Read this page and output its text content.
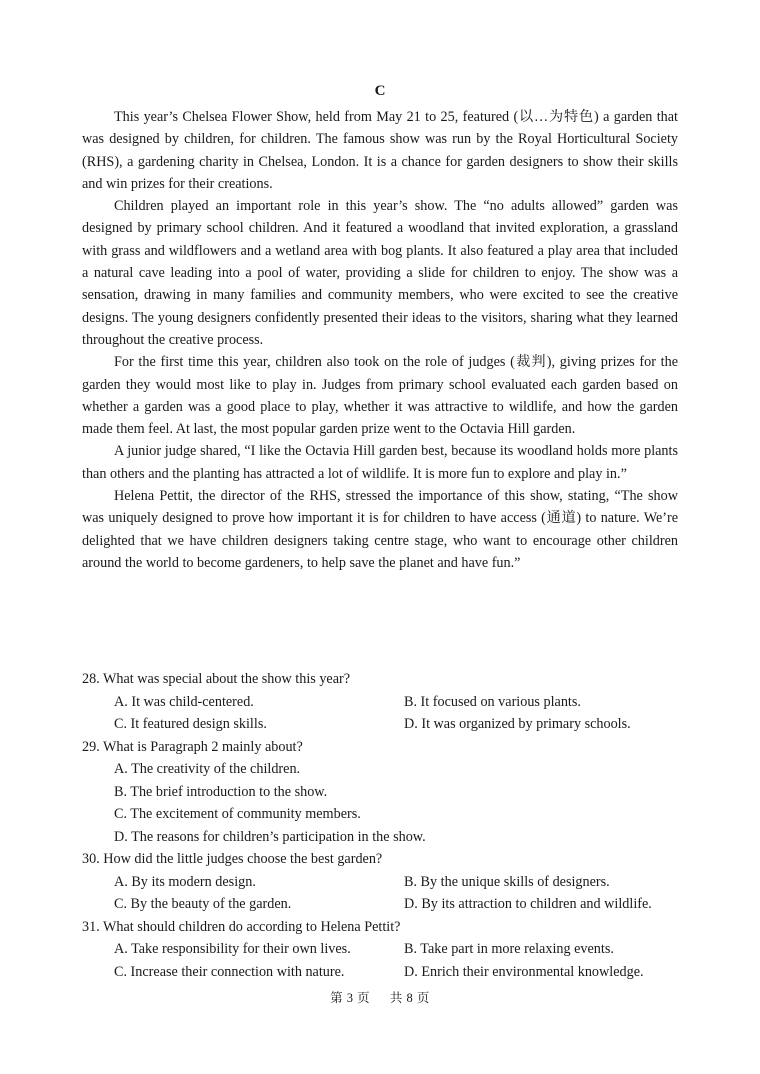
C

This year’s Chelsea Flower Show, held from May 21 to 25, featured (以…为特色) a garden that was designed by children, for children. The famous show was run by the Royal Horticultural Society (RHS), a gardening charity in Chelsea, London. It is a chance for garden designers to show their skills and win prizes for their creations.

Children played an important role in this year’s show. The “no adults allowed” garden was designed by primary school children. And it featured a woodland that invited exploration, a grassland with grass and wildflowers and a wetland area with bog plants. It also featured a play area that included a natural cave leading into a pool of water, providing a slide for children to enjoy. The show was a sensation, drawing in many families and community members, who were excited to see the creative designs. The young designers confidently presented their ideas to the visitors, sharing what they learned throughout the creative process.

For the first time this year, children also took on the role of judges (裁判), giving prizes for the garden they would most like to play in. Judges from primary school evaluated each garden based on whether a garden was a good place to play, whether it was attractive to wildlife, and how the garden made them feel. At last, the most popular garden prize went to the Octavia Hill garden.

A junior judge shared, “I like the Octavia Hill garden best, because its woodland holds more plants than others and the planting has attracted a lot of wildlife. It is more fun to explore and play in.”

Helena Pettit, the director of the RHS, stressed the importance of this show, stating, “The show was uniquely designed to prove how important it is for children to have access (通道) to nature. We’re delighted that we have children designers taking centre stage, who want to encourage other children around the world to become gardeners, to help save the planet and have fun.”

28. What was special about the show this year?
A. It was child-centered.	B. It focused on various plants.
C. It featured design skills.	D. It was organized by primary schools.
29. What is Paragraph 2 mainly about?
A. The creativity of the children.
B. The brief introduction to the show.
C. The excitement of community members.
D. The reasons for children’s participation in the show.
30. How did the little judges choose the best garden?
A. By its modern design.	B. By the unique skills of designers.
C. By the beauty of the garden.	D. By its attraction to children and wildlife.
31. What should children do according to Helena Pettit?
A. Take responsibility for their own lives.	B. Take part in more relaxing events.
C. Increase their connection with nature.	D. Enrich their environmental knowledge.
第 3 页 共 8 页
